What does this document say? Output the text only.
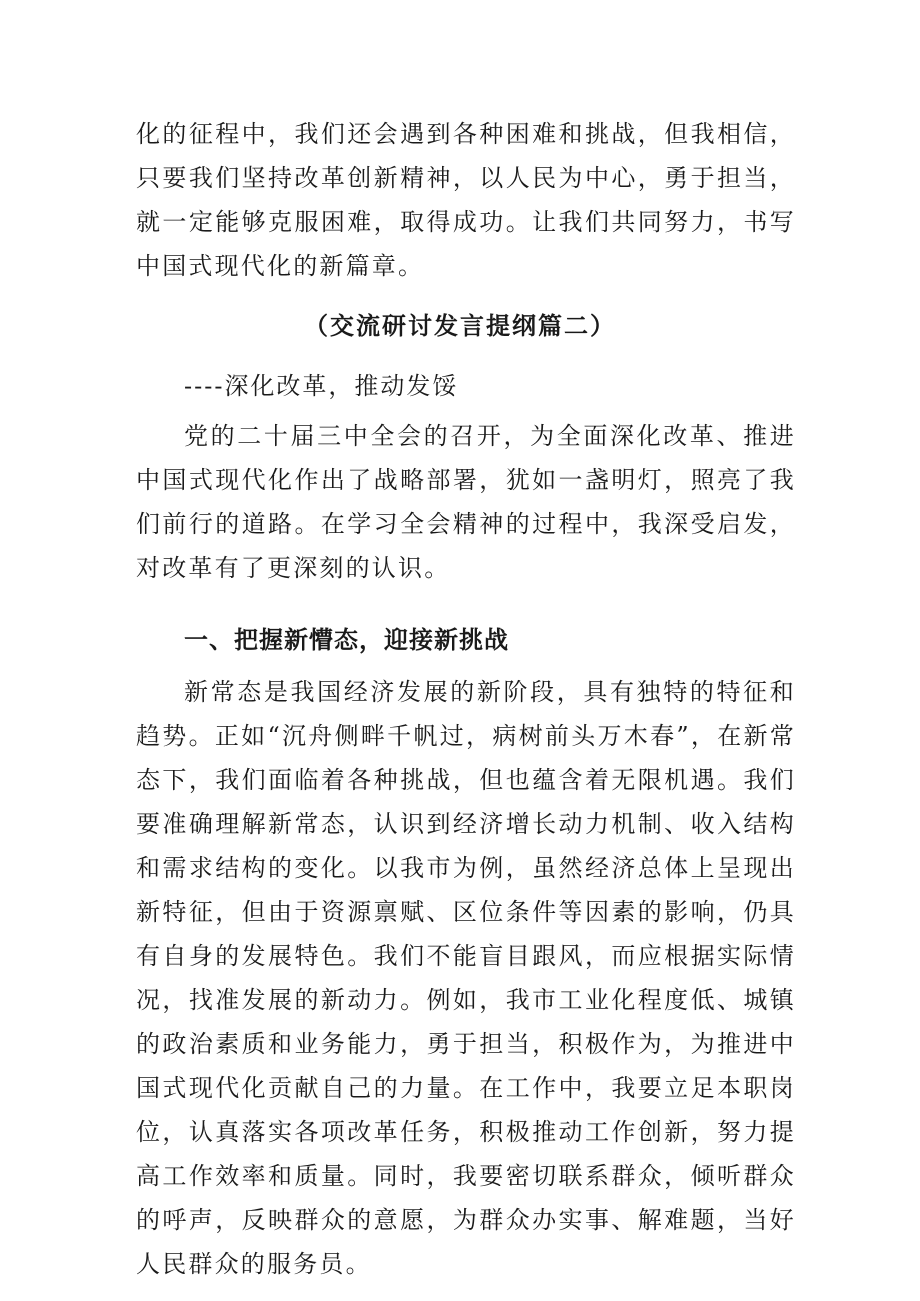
化的征程中，我们还会遇到各种困难和挑战，但我相信，只要我们坚持改革创新精神，以人民为中心，勇于担当，就一定能够克服困难，取得成功。让我们共同努力，书写中国式现代化的新篇章。

（交流研讨发言提纲篇二）

----深化改革，推动发馁

党的二十届三中全会的召开，为全面深化改革、推进中国式现代化作出了战略部署，犹如一盏明灯，照亮了我们前行的道路。在学习全会精神的过程中，我深受启发，对改革有了更深刻的认识。

一、把握新懵态，迎接新挑战

新常态是我国经济发展的新阶段，具有独特的特征和趋势。正如“沉舟侧畔千帆过，病树前头万木春”，在新常态下，我们面临着各种挑战，但也蕴含着无限机遇。我们要准确理解新常态，认识到经济增长动力机制、收入结构和需求结构的变化。以我市为例，虽然经济总体上呈现出新特征，但由于资源禀赋、区位条件等因素的影响，仍具有自身的发展特色。我们不能盲目跟风，而应根据实际情况，找准发展的新动力。例如，我市工业化程度低、城镇的政治素质和业务能力，勇于担当，积极作为，为推进中国式现代化贡献自己的力量。在工作中，我要立足本职岗位，认真落实各项改革任务，积极推动工作创新，努力提高工作效率和质量。同时，我要密切联系群众，倾听群众的呼声，反映群众的意愿，为群众办实事、解难题，当好人民群众的服务员。
